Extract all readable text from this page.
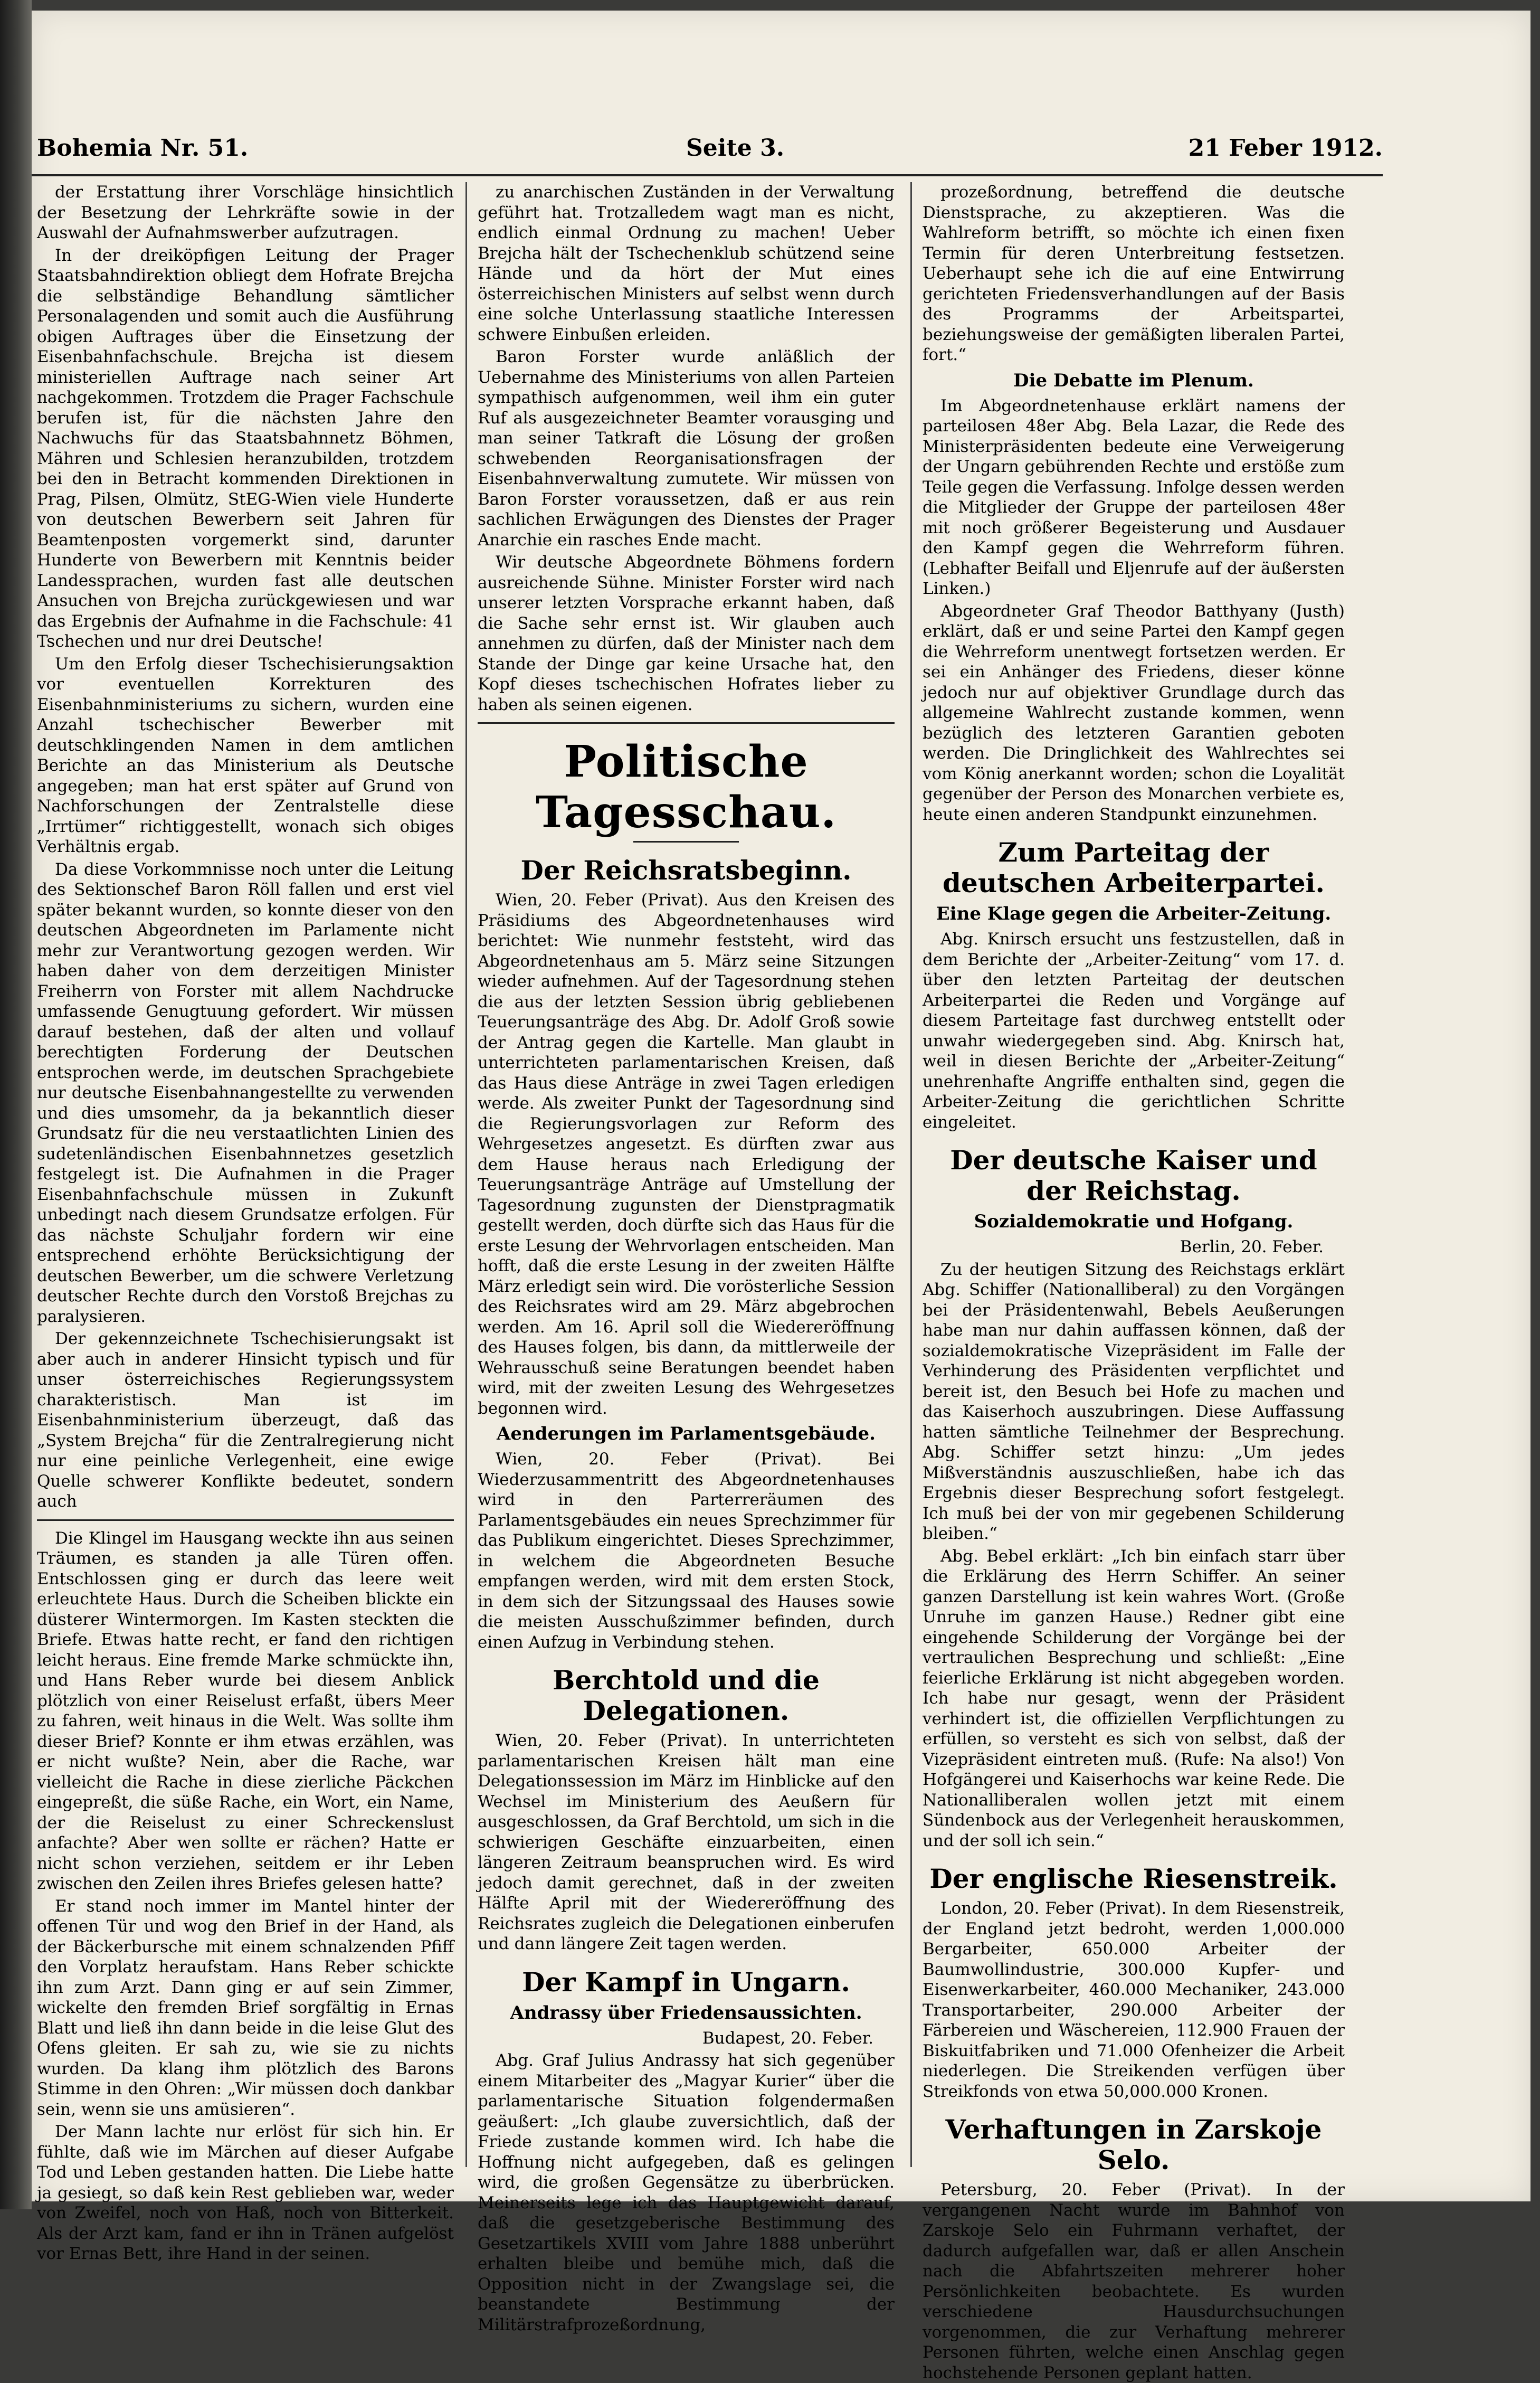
Bohemia Nr. 51.	Seite 3.	21 Feber 1912.

der Erstattung ihrer Vorschläge hinsichtlich der Besetzung der Lehrkräfte sowie in der Auswahl der Aufnahmswerber aufzutragen.

In der dreiköpfigen Leitung der Prager Staatsbahndirektion obliegt dem Hofrate Brejcha die selbständige Behandlung sämtlicher Personalagenden und somit auch die Ausführung obigen Auftrages über die Einsetzung der Eisenbahnfachschule. Brejcha ist diesem ministeriellen Auftrage nach seiner Art nachgekommen. Trotzdem die Prager Fachschule berufen ist, für die nächsten Jahre den Nachwuchs für das Staatsbahnnetz Böhmen, Mähren und Schlesien heranzubilden, trotzdem bei den in Betracht kommenden Direktionen in Prag, Pilsen, Olmütz, StEG-Wien viele Hunderte von deutschen Bewerbern seit Jahren für Beamtenposten vorgemerkt sind, darunter Hunderte von Bewerbern mit Kenntnis beider Landessprachen, wurden fast alle deutschen Ansuchen von Brejcha zurückgewiesen und war das Ergebnis der Aufnahme in die Fachschule: 41 Tschechen und nur drei Deutsche!

Um den Erfolg dieser Tschechisierungsaktion vor eventuellen Korrekturen des Eisenbahnministeriums zu sichern, wurden eine Anzahl tschechischer Bewerber mit deutschklingenden Namen in dem amtlichen Berichte an das Ministerium als Deutsche angegeben; man hat erst später auf Grund von Nachforschungen der Zentralstelle diese „Irrtümer“ richtiggestellt, wonach sich obiges Verhältnis ergab.

Da diese Vorkommnisse noch unter die Leitung des Sektionschef Baron Röll fallen und erst viel später bekannt wurden, so konnte dieser von den deutschen Abgeordneten im Parlamente nicht mehr zur Verantwortung gezogen werden. Wir haben daher von dem derzeitigen Minister Freiherrn von Forster mit allem Nachdrucke umfassende Genugtuung gefordert. Wir müssen darauf bestehen, daß der alten und vollauf berechtigten Forderung der Deutschen entsprochen werde, im deutschen Sprachgebiete nur deutsche Eisenbahnangestellte zu verwenden und dies umsomehr, da ja bekanntlich dieser Grundsatz für die neu verstaatlichten Linien des sudetenländischen Eisenbahnnetzes gesetzlich festgelegt ist. Die Aufnahmen in die Prager Eisenbahnfachschule müssen in Zukunft unbedingt nach diesem Grundsatze erfolgen. Für das nächste Schuljahr fordern wir eine entsprechend erhöhte Berücksichtigung der deutschen Bewerber, um die schwere Verletzung deutscher Rechte durch den Vorstoß Brejchas zu paralysieren.

Der gekennzeichnete Tschechisierungsakt ist aber auch in anderer Hinsicht typisch und für unser österreichisches Regierungssystem charakteristisch. Man ist im Eisenbahnministerium überzeugt, daß das „System Brejcha“ für die Zentralregierung nicht nur eine peinliche Verlegenheit, eine ewige Quelle schwerer Konflikte bedeutet, sondern auch

Die Klingel im Hausgang weckte ihn aus seinen Träumen, es standen ja alle Türen offen. Entschlossen ging er durch das leere weit erleuchtete Haus. Durch die Scheiben blickte ein düsterer Wintermorgen. Im Kasten steckten die Briefe. Etwas hatte recht, er fand den richtigen leicht heraus. Eine fremde Marke schmückte ihn, und Hans Reber wurde bei diesem Anblick plötzlich von einer Reiselust erfaßt, übers Meer zu fahren, weit hinaus in die Welt. Was sollte ihm dieser Brief? Konnte er ihm etwas erzählen, was er nicht wußte? Nein, aber die Rache, war vielleicht die Rache in diese zierliche Päckchen eingepreßt, die süße Rache, ein Wort, ein Name, der die Reiselust zu einer Schreckenslust anfachte? Aber wen sollte er rächen? Hatte er nicht schon verziehen, seitdem er ihr Leben zwischen den Zeilen ihres Briefes gelesen hatte?

Er stand noch immer im Mantel hinter der offenen Tür und wog den Brief in der Hand, als der Bäckerbursche mit einem schnalzenden Pfiff den Vorplatz heraufstam. Hans Reber schickte ihn zum Arzt. Dann ging er auf sein Zimmer, wickelte den fremden Brief sorgfältig in Ernas Blatt und ließ ihn dann beide in die leise Glut des Ofens gleiten. Er sah zu, wie sie zu nichts wurden. Da klang ihm plötzlich des Barons Stimme in den Ohren: „Wir müssen doch dankbar sein, wenn sie uns amüsieren“.

Der Mann lachte nur erlöst für sich hin. Er fühlte, daß wie im Märchen auf dieser Aufgabe Tod und Leben gestanden hatten. Die Liebe hatte ja gesiegt, so daß kein Rest geblieben war, weder von Zweifel, noch von Haß, noch von Bitterkeit. Als der Arzt kam, fand er ihn in Tränen aufgelöst vor Ernas Bett, ihre Hand in der seinen.

zu anarchischen Zuständen in der Verwaltung geführt hat. Trotzalledem wagt man es nicht, endlich einmal Ordnung zu machen! Ueber Brejcha hält der Tschechenklub schützend seine Hände und da hört der Mut eines österreichischen Ministers auf selbst wenn durch eine solche Unterlassung staatliche Interessen schwere Einbußen erleiden.

Baron Forster wurde anläßlich der Uebernahme des Ministeriums von allen Parteien sympathisch aufgenommen, weil ihm ein guter Ruf als ausgezeichneter Beamter vorausging und man seiner Tatkraft die Lösung der großen schwebenden Reorganisationsfragen der Eisenbahnverwaltung zumutete. Wir müssen von Baron Forster voraussetzen, daß er aus rein sachlichen Erwägungen des Dienstes der Prager Anarchie ein rasches Ende macht.

Wir deutsche Abgeordnete Böhmens fordern ausreichende Sühne. Minister Forster wird nach unserer letzten Vorsprache erkannt haben, daß die Sache sehr ernst ist. Wir glauben auch annehmen zu dürfen, daß der Minister nach dem Stande der Dinge gar keine Ursache hat, den Kopf dieses tschechischen Hofrates lieber zu haben als seinen eigenen.

Politische Tagesschau.
Der Reichsratsbeginn.

Wien, 20. Feber (Privat). Aus den Kreisen des Präsidiums des Abgeordnetenhauses wird berichtet: Wie nunmehr feststeht, wird das Abgeordnetenhaus am 5. März seine Sitzungen wieder aufnehmen. Auf der Tagesordnung stehen die aus der letzten Session übrig gebliebenen Teuerungsanträge des Abg. Dr. Adolf Groß sowie der Antrag gegen die Kartelle. Man glaubt in unterrichteten parlamentarischen Kreisen, daß das Haus diese Anträge in zwei Tagen erledigen werde. Als zweiter Punkt der Tagesordnung sind die Regierungsvorlagen zur Reform des Wehrgesetzes angesetzt. Es dürften zwar aus dem Hause heraus nach Erledigung der Teuerungsanträge Anträge auf Umstellung der Tagesordnung zugunsten der Dienstpragmatik gestellt werden, doch dürfte sich das Haus für die erste Lesung der Wehrvorlagen entscheiden. Man hofft, daß die erste Lesung in der zweiten Hälfte März erledigt sein wird. Die vorösterliche Session des Reichsrates wird am 29. März abgebrochen werden. Am 16. April soll die Wiedereröffnung des Hauses folgen, bis dann, da mittlerweile der Wehrausschuß seine Beratungen beendet haben wird, mit der zweiten Lesung des Wehrgesetzes begonnen wird.

Aenderungen im Parlamentsgebäude.

Wien, 20. Feber (Privat). Bei Wiederzusammentritt des Abgeordnetenhauses wird in den Parterreräumen des Parlamentsgebäudes ein neues Sprechzimmer für das Publikum eingerichtet. Dieses Sprechzimmer, in welchem die Abgeordneten Besuche empfangen werden, wird mit dem ersten Stock, in dem sich der Sitzungssaal des Hauses sowie die meisten Ausschußzimmer befinden, durch einen Aufzug in Verbindung stehen.

Berchtold und die Delegationen.

Wien, 20. Feber (Privat). In unterrichteten parlamentarischen Kreisen hält man eine Delegationssession im März im Hinblicke auf den Wechsel im Ministerium des Aeußern für ausgeschlossen, da Graf Berchtold, um sich in die schwierigen Geschäfte einzuarbeiten, einen längeren Zeitraum beanspruchen wird. Es wird jedoch damit gerechnet, daß in der zweiten Hälfte April mit der Wiedereröffnung des Reichsrates zugleich die Delegationen einberufen und dann längere Zeit tagen werden.

Der Kampf in Ungarn.
Andrassy über Friedensaussichten.

Budapest, 20. Feber.

Abg. Graf Julius Andrassy hat sich gegenüber einem Mitarbeiter des „Magyar Kurier“ über die parlamentarische Situation folgendermaßen geäußert: „Ich glaube zuversichtlich, daß der Friede zustande kommen wird. Ich habe die Hoffnung nicht aufgegeben, daß es gelingen wird, die großen Gegensätze zu überbrücken. Meinerseits lege ich das Hauptgewicht darauf, daß die gesetzgeberische Bestimmung des Gesetzartikels XVIII vom Jahre 1888 unberührt erhalten bleibe und bemühe mich, daß die Opposition nicht in der Zwangslage sei, die beanstandete Bestimmung der Militärstrafprozeßordnung,

prozeßordnung, betreffend die deutsche Dienstsprache, zu akzeptieren. Was die Wahlreform betrifft, so möchte ich einen fixen Termin für deren Unterbreitung festsetzen. Ueberhaupt sehe ich die auf eine Entwirrung gerichteten Friedensverhandlungen auf der Basis des Programms der Arbeitspartei, beziehungsweise der gemäßigten liberalen Partei, fort.“

Die Debatte im Plenum.

Im Abgeordnetenhause erklärt namens der parteilosen 48er Abg. Bela Lazar, die Rede des Ministerpräsidenten bedeute eine Verweigerung der Ungarn gebührenden Rechte und erstöße zum Teile gegen die Verfassung. Infolge dessen werden die Mitglieder der Gruppe der parteilosen 48er mit noch größerer Begeisterung und Ausdauer den Kampf gegen die Wehrreform führen. (Lebhafter Beifall und Eljenrufe auf der äußersten Linken.)

Abgeordneter Graf Theodor Batthyany (Justh) erklärt, daß er und seine Partei den Kampf gegen die Wehrreform unentwegt fortsetzen werden. Er sei ein Anhänger des Friedens, dieser könne jedoch nur auf objektiver Grundlage durch das allgemeine Wahlrecht zustande kommen, wenn bezüglich des letzteren Garantien geboten werden. Die Dringlichkeit des Wahlrechtes sei vom König anerkannt worden; schon die Loyalität gegenüber der Person des Monarchen verbiete es, heute einen anderen Standpunkt einzunehmen.

Zum Parteitag der deutschen Arbeiterpartei.
Eine Klage gegen die Arbeiter-Zeitung.

Abg. Knirsch ersucht uns festzustellen, daß in dem Berichte der „Arbeiter-Zeitung“ vom 17. d. über den letzten Parteitag der deutschen Arbeiterpartei die Reden und Vorgänge auf diesem Parteitage fast durchweg entstellt oder unwahr wiedergegeben sind. Abg. Knirsch hat, weil in diesen Berichte der „Arbeiter-Zeitung“ unehrenhafte Angriffe enthalten sind, gegen die Arbeiter-Zeitung die gerichtlichen Schritte eingeleitet.

Der deutsche Kaiser und der Reichstag.
Sozialdemokratie und Hofgang.

Berlin, 20. Feber.

Zu der heutigen Sitzung des Reichstags erklärt Abg. Schiffer (Nationalliberal) zu den Vorgängen bei der Präsidentenwahl, Bebels Aeußerungen habe man nur dahin auffassen können, daß der sozialdemokratische Vizepräsident im Falle der Verhinderung des Präsidenten verpflichtet und bereit ist, den Besuch bei Hofe zu machen und das Kaiserhoch auszubringen. Diese Auffassung hatten sämtliche Teilnehmer der Besprechung. Abg. Schiffer setzt hinzu: „Um jedes Mißverständnis auszuschließen, habe ich das Ergebnis dieser Besprechung sofort festgelegt. Ich muß bei der von mir gegebenen Schilderung bleiben.“

Abg. Bebel erklärt: „Ich bin einfach starr über die Erklärung des Herrn Schiffer. An seiner ganzen Darstellung ist kein wahres Wort. (Große Unruhe im ganzen Hause.) Redner gibt eine eingehende Schilderung der Vorgänge bei der vertraulichen Besprechung und schließt: „Eine feierliche Erklärung ist nicht abgegeben worden. Ich habe nur gesagt, wenn der Präsident verhindert ist, die offiziellen Verpflichtungen zu erfüllen, so versteht es sich von selbst, daß der Vizepräsident eintreten muß. (Rufe: Na also!) Von Hofgängerei und Kaiserhochs war keine Rede. Die Nationalliberalen wollen jetzt mit einem Sündenbock aus der Verlegenheit herauskommen, und der soll ich sein.“

Der englische Riesenstreik.

London, 20. Feber (Privat). In dem Riesenstreik, der England jetzt bedroht, werden 1,000.000 Bergarbeiter, 650.000 Arbeiter der Baumwollindustrie, 300.000 Kupfer- und Eisenwerkarbeiter, 460.000 Mechaniker, 243.000 Transportarbeiter, 290.000 Arbeiter der Färbereien und Wäschereien, 112.900 Frauen der Biskuitfabriken und 71.000 Ofenheizer die Arbeit niederlegen. Die Streikenden verfügen über Streikfonds von etwa 50,000.000 Kronen.

Verhaftungen in Zarskoje Selo.

Petersburg, 20. Feber (Privat). In der vergangenen Nacht wurde im Bahnhof von Zarskoje Selo ein Fuhrmann verhaftet, der dadurch aufgefallen war, daß er allen Anschein nach die Abfahrtszeiten mehrerer hoher Persönlichkeiten beobachtete. Es wurden verschiedene Hausdurchsuchungen vorgenommen, die zur Verhaftung mehrerer Personen führten, welche einen Anschlag gegen hochstehende Personen geplant hatten.
